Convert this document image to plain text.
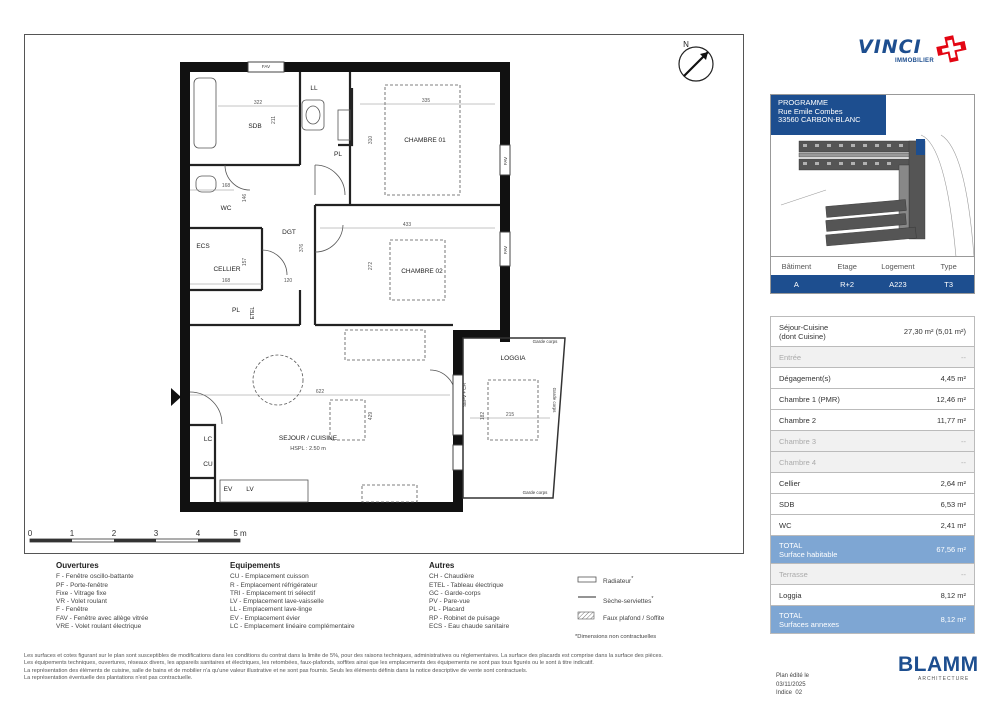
SDB
CHAMBRE 01
CHAMBRE 02
WC
DGT
ECS
CELLIER
PL
PL
SEJOUR / CUISINE
LOGGIA
LL
LC
CU
EV LV
HSPL : 2.50 m
ETEL
FAV
FAV
FAV
Garde corps
Garde corps
Garde corps
SEPV + CH
322
211
335
310
168
146
433
272
376
157
168	120
622
429	182	215
N
0	1	2	3	4	5 m
Ouvertures
F - Fenêtre oscillo-battante
PF - Porte-fenêtre
Fixe - Vitrage fixe
VR - Volet roulant
F - Fenêtre
FAV - Fenêtre avec allège vitrée
VRE - Volet roulant électrique
Equipements
CU - Emplacement cuisson
R - Emplacement réfrigérateur
TRI - Emplacement tri sélectif
LV - Emplacement lave-vaisselle
LL - Emplacement lave-linge
EV - Emplacement évier
LC - Emplacement linéaire complémentaire
Autres
CH - Chaudière
ETEL - Tableau électrique
GC - Garde-corps
PV - Pare-vue
PL - Placard
RP - Robinet de puisage
ECS - Eau chaude sanitaire
Radiateur*
Sèche-serviettes*
Faux plafond / Soffite
*Dimensions non contractuelles
Les surfaces et cotes figurant sur le plan sont susceptibles de modifications dans les conditions du contrat dans la limite de 5%, pour des raisons techniques, administratives ou réglementaires. La surface des placards est comprise dans la surface des pièces.
Les équipements techniques, ouvertures, réseaux divers, les appareils sanitaires et électriques, les retombées, faux-plafonds, soffites ainsi que les emplacements des équipements ne sont pas tous figurés ou le sont à titre indicatif.
La représentation des éléments de cuisine, salle de bains et de mobilier n'a qu'une valeur illustrative et ne sont pas fournis. Seuls les éléments définis dans la notice descriptive de vente sont contractuels.
La représentation éventuelle des plantations n'est pas contractuelle.
VINCI
IMMOBILIER
PROGRAMME
Rue Emile Combes
33560 CARBON-BLANC
Bâtiment	Etage	Logement	Type
A	R+2	A223	T3
Séjour-Cuisine
(dont Cuisine)	27,30 m² (5,01 m²)
Entrée	--
Dégagement(s)	4,45 m²
Chambre 1 (PMR)	12,46 m²
Chambre 2	11,77 m²
Chambre 3	--
Chambre 4	--
Cellier	2,64 m²
SDB	6,53 m²
WC	2,41 m²
TOTAL
Surface habitable	67,56 m²
Terrasse	--
Loggia	8,12 m²
TOTAL
Surfaces annexes	8,12 m²
Plan édité le
03/11/2025
Indice 02
BLAMM
ARCHITECTURE
